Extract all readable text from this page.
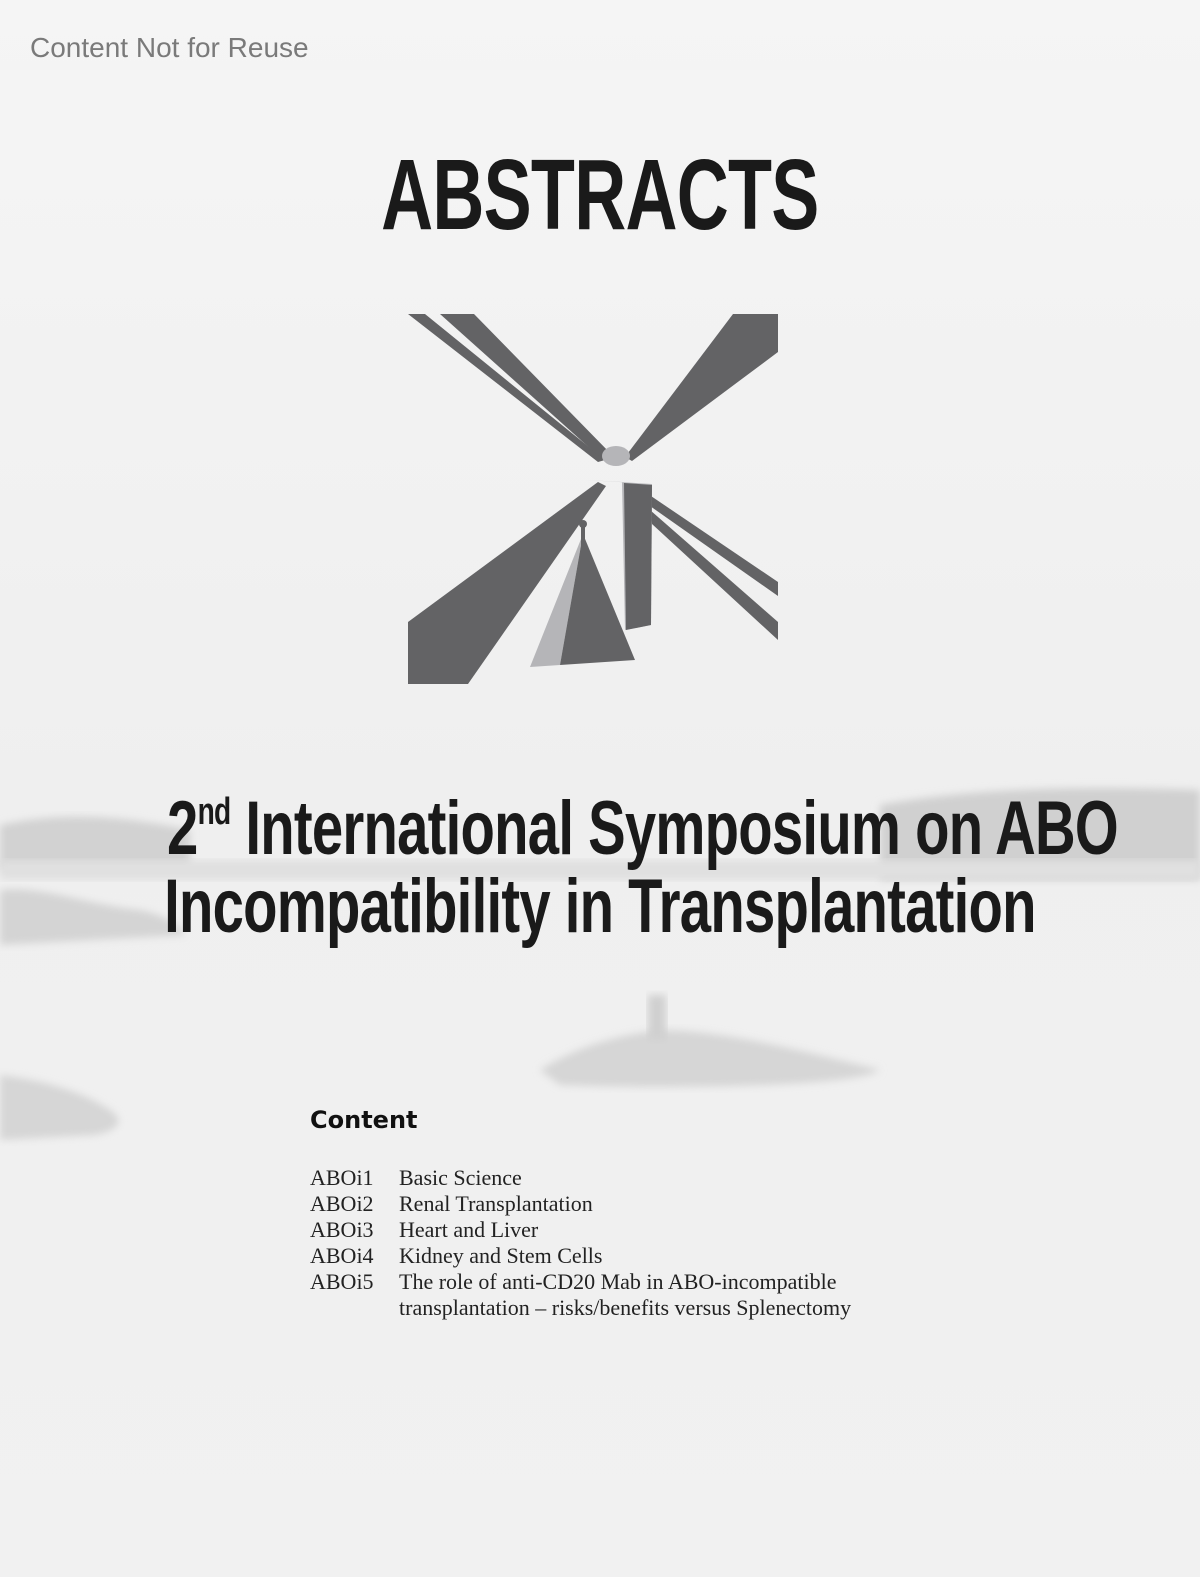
Content Not for Reuse
ABSTRACTS
2nd International Symposium on ABO
Incompatibility in Transplantation
Content
ABOi1	Basic Science
ABOi2	Renal Transplantation
ABOi3	Heart and Liver
ABOi4	Kidney and Stem Cells
ABOi5	The role of anti-CD20 Mab in ABO-incompatible transplantation – risks/benefits versus Splenectomy
